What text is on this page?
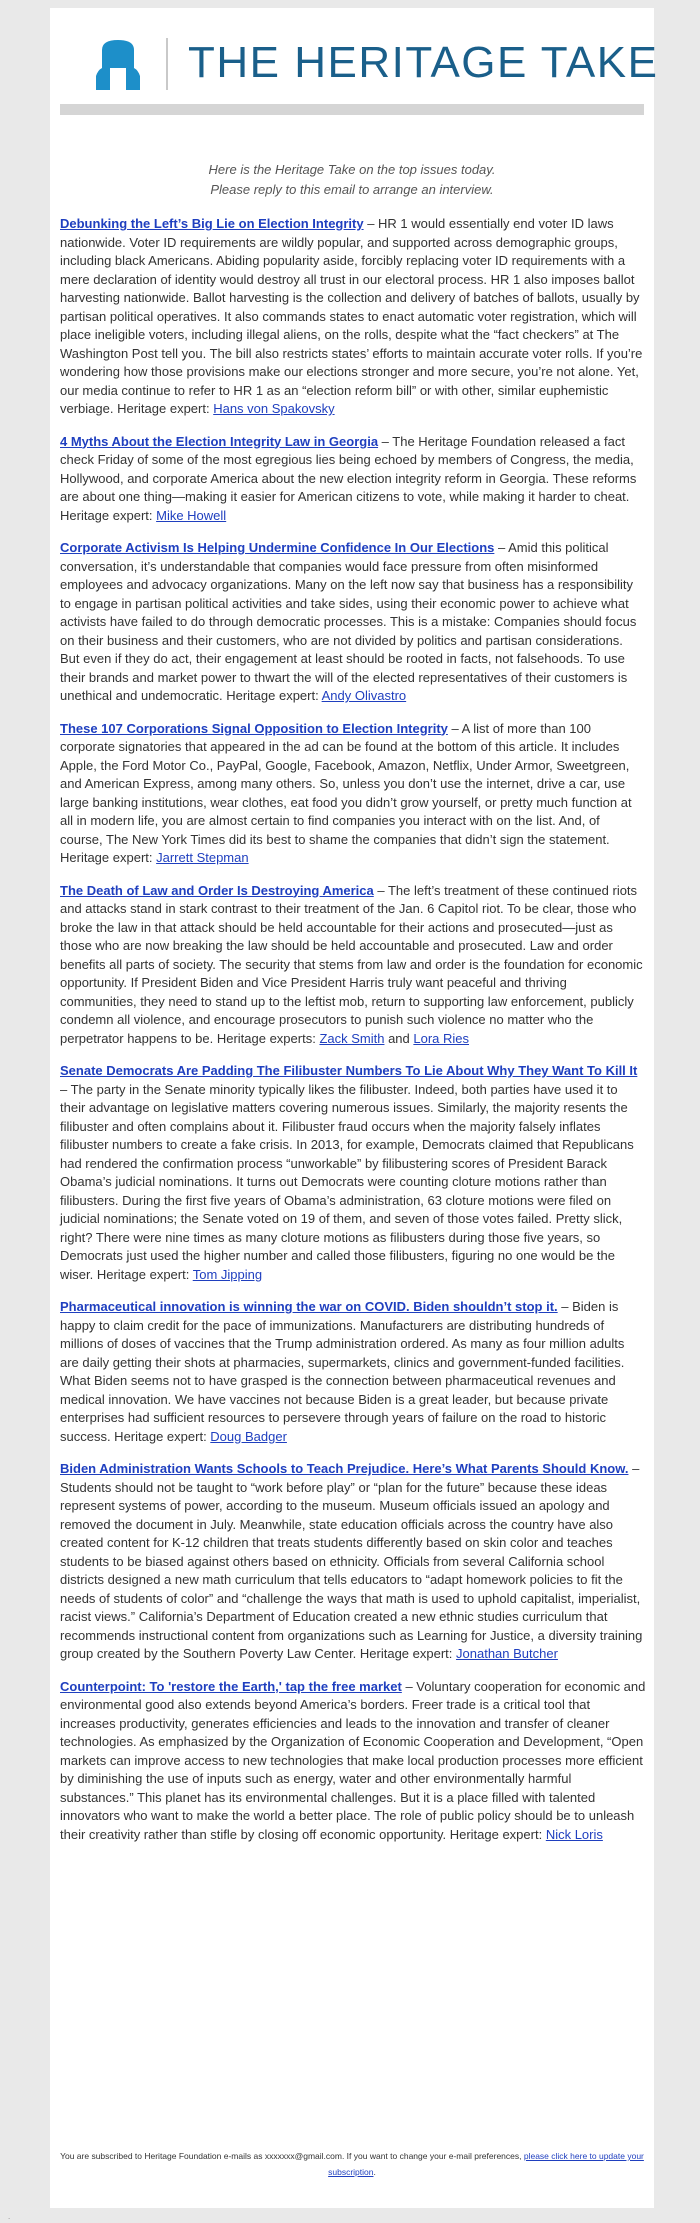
THE HERITAGE TAKE

Here is the Heritage Take on the top issues today.

Please reply to this email to arrange an interview.

Debunking the Left’s Big Lie on Election Integrity – HR 1 would essentially end voter ID laws nationwide. Voter ID requirements are wildly popular, and supported across demographic groups, including black Americans. Abiding popularity aside, forcibly replacing voter ID requirements with a mere declaration of identity would destroy all trust in our electoral process. HR 1 also imposes ballot harvesting nationwide. Ballot harvesting is the collection and delivery of batches of ballots, usually by partisan political operatives. It also commands states to enact automatic voter registration, which will place ineligible voters, including illegal aliens, on the rolls, despite what the “fact checkers” at The Washington Post tell you. The bill also restricts states’ efforts to maintain accurate voter rolls. If you’re wondering how those provisions make our elections stronger and more secure, you’re not alone. Yet, our media continue to refer to HR 1 as an “election reform bill” or with other, similar euphemistic verbiage. Heritage expert: Hans von Spakovsky

4 Myths About the Election Integrity Law in Georgia – The Heritage Foundation released a fact check Friday of some of the most egregious lies being echoed by members of Congress, the media, Hollywood, and corporate America about the new election integrity reform in Georgia. These reforms are about one thing—making it easier for American citizens to vote, while making it harder to cheat. Heritage expert: Mike Howell

Corporate Activism Is Helping Undermine Confidence In Our Elections – Amid this political conversation, it’s understandable that companies would face pressure from often misinformed employees and advocacy organizations. Many on the left now say that business has a responsibility to engage in partisan political activities and take sides, using their economic power to achieve what activists have failed to do through democratic processes. This is a mistake: Companies should focus on their business and their customers, who are not divided by politics and partisan considerations. But even if they do act, their engagement at least should be rooted in facts, not falsehoods. To use their brands and market power to thwart the will of the elected representatives of their customers is unethical and undemocratic. Heritage expert: Andy Olivastro

These 107 Corporations Signal Opposition to Election Integrity – A list of more than 100 corporate signatories that appeared in the ad can be found at the bottom of this article. It includes Apple, the Ford Motor Co., PayPal, Google, Facebook, Amazon, Netflix, Under Armor, Sweetgreen, and American Express, among many others. So, unless you don’t use the internet, drive a car, use large banking institutions, wear clothes, eat food you didn’t grow yourself, or pretty much function at all in modern life, you are almost certain to find companies you interact with on the list. And, of course, The New York Times did its best to shame the companies that didn’t sign the statement. Heritage expert: Jarrett Stepman

The Death of Law and Order Is Destroying America – The left’s treatment of these continued riots and attacks stand in stark contrast to their treatment of the Jan. 6 Capitol riot. To be clear, those who broke the law in that attack should be held accountable for their actions and prosecuted—just as those who are now breaking the law should be held accountable and prosecuted. Law and order benefits all parts of society. The security that stems from law and order is the foundation for economic opportunity. If President Biden and Vice President Harris truly want peaceful and thriving communities, they need to stand up to the leftist mob, return to supporting law enforcement, publicly condemn all violence, and encourage prosecutors to punish such violence no matter who the perpetrator happens to be. Heritage experts: Zack Smith and Lora Ries

Senate Democrats Are Padding The Filibuster Numbers To Lie About Why They Want To Kill It – The party in the Senate minority typically likes the filibuster. Indeed, both parties have used it to their advantage on legislative matters covering numerous issues. Similarly, the majority resents the filibuster and often complains about it. Filibuster fraud occurs when the majority falsely inflates filibuster numbers to create a fake crisis. In 2013, for example, Democrats claimed that Republicans had rendered the confirmation process “unworkable” by filibustering scores of President Barack Obama’s judicial nominations. It turns out Democrats were counting cloture motions rather than filibusters. During the first five years of Obama’s administration, 63 cloture motions were filed on judicial nominations; the Senate voted on 19 of them, and seven of those votes failed. Pretty slick, right? There were nine times as many cloture motions as filibusters during those five years, so Democrats just used the higher number and called those filibusters, figuring no one would be the wiser. Heritage expert: Tom Jipping

Pharmaceutical innovation is winning the war on COVID. Biden shouldn’t stop it. – Biden is happy to claim credit for the pace of immunizations. Manufacturers are distributing hundreds of millions of doses of vaccines that the Trump administration ordered. As many as four million adults are daily getting their shots at pharmacies, supermarkets, clinics and government-funded facilities. What Biden seems not to have grasped is the connection between pharmaceutical revenues and medical innovation. We have vaccines not because Biden is a great leader, but because private enterprises had sufficient resources to persevere through years of failure on the road to historic success. Heritage expert: Doug Badger

Biden Administration Wants Schools to Teach Prejudice. Here’s What Parents Should Know. – Students should not be taught to “work before play” or “plan for the future” because these ideas represent systems of power, according to the museum. Museum officials issued an apology and removed the document in July. Meanwhile, state education officials across the country have also created content for K-12 children that treats students differently based on skin color and teaches students to be biased against others based on ethnicity. Officials from several California school districts designed a new math curriculum that tells educators to “adapt homework policies to fit the needs of students of color” and “challenge the ways that math is used to uphold capitalist, imperialist, racist views.” California’s Department of Education created a new ethnic studies curriculum that recommends instructional content from organizations such as Learning for Justice, a diversity training group created by the Southern Poverty Law Center. Heritage expert: Jonathan Butcher

Counterpoint: To 'restore the Earth,' tap the free market – Voluntary cooperation for economic and environmental good also extends beyond America’s borders. Freer trade is a critical tool that increases productivity, generates efficiencies and leads to the innovation and transfer of cleaner technologies. As emphasized by the Organization of Economic Cooperation and Development, “Open markets can improve access to new technologies that make local production processes more efficient by diminishing the use of inputs such as energy, water and other environmentally harmful substances.” This planet has its environmental challenges. But it is a place filled with talented innovators who want to make the world a better place. The role of public policy should be to unleash their creativity rather than stifle by closing off economic opportunity. Heritage expert: Nick Loris

You are subscribed to Heritage Foundation e-mails as xxxxxxx@gmail.com. If you want to change your e-mail preferences, please click here to update your subscription.
.
